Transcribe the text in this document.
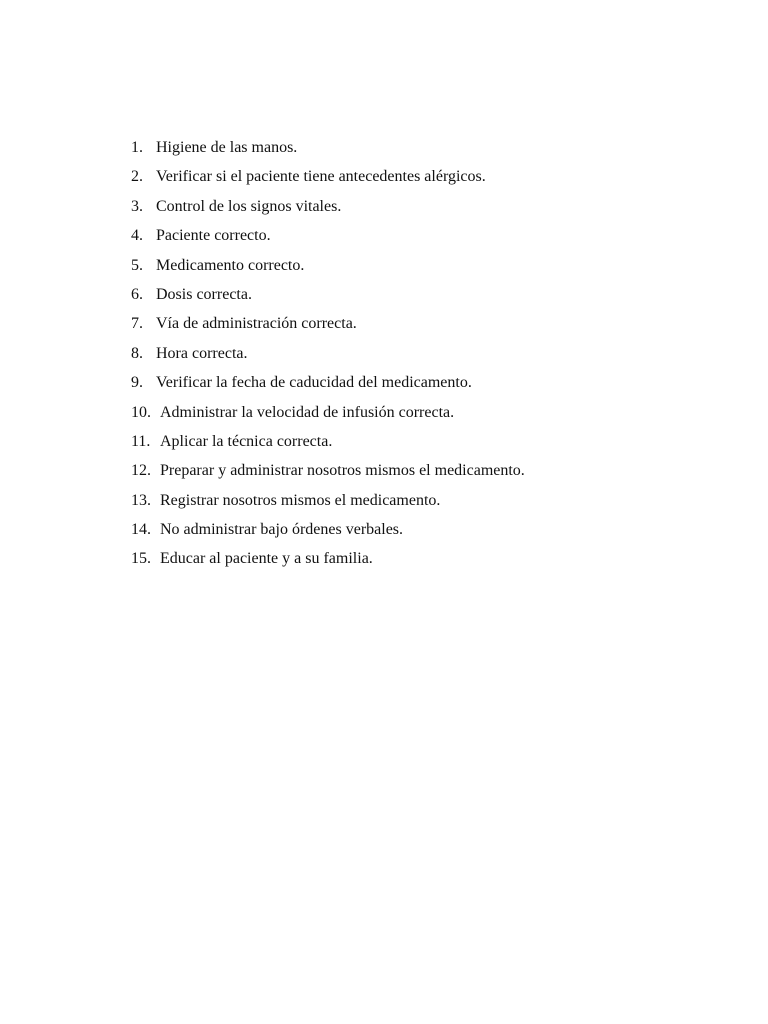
1. Higiene de las manos.
2. Verificar si el paciente tiene antecedentes alérgicos.
3. Control de los signos vitales.
4. Paciente correcto.
5. Medicamento correcto.
6. Dosis correcta.
7. Vía de administración correcta.
8. Hora correcta.
9. Verificar la fecha de caducidad del medicamento.
10. Administrar la velocidad de infusión correcta.
11. Aplicar la técnica correcta.
12. Preparar y administrar nosotros mismos el medicamento.
13. Registrar nosotros mismos el medicamento.
14. No administrar bajo órdenes verbales.
15. Educar al paciente y a su familia.
